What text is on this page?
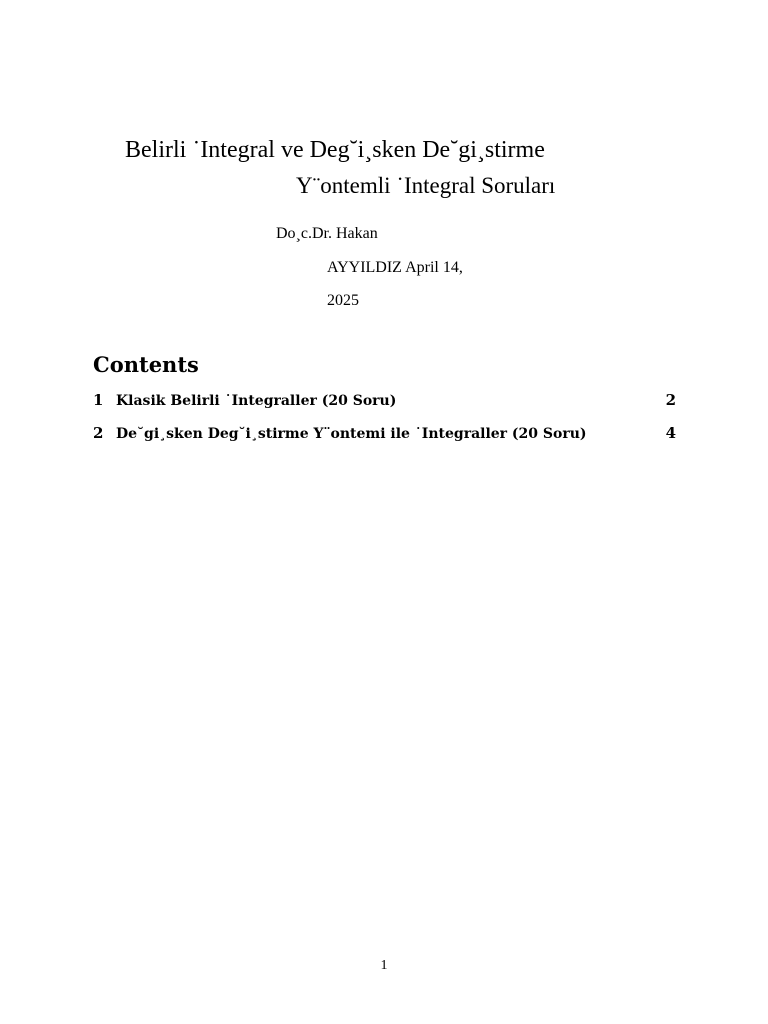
Belirli ˙Integral ve Deg˘i¸sken De˘gi¸stirme
Y¨ontemli ˙Integral Soruları
Do¸c.Dr. Hakan
AYYILDIZ April 14,
2025
Contents
1 Klasik Belirli ˙Integraller (20 Soru)	2
2 De˘gi¸sken Deg˘i¸stirme Y¨ontemi ile ˙Integraller (20 Soru)	4
1
